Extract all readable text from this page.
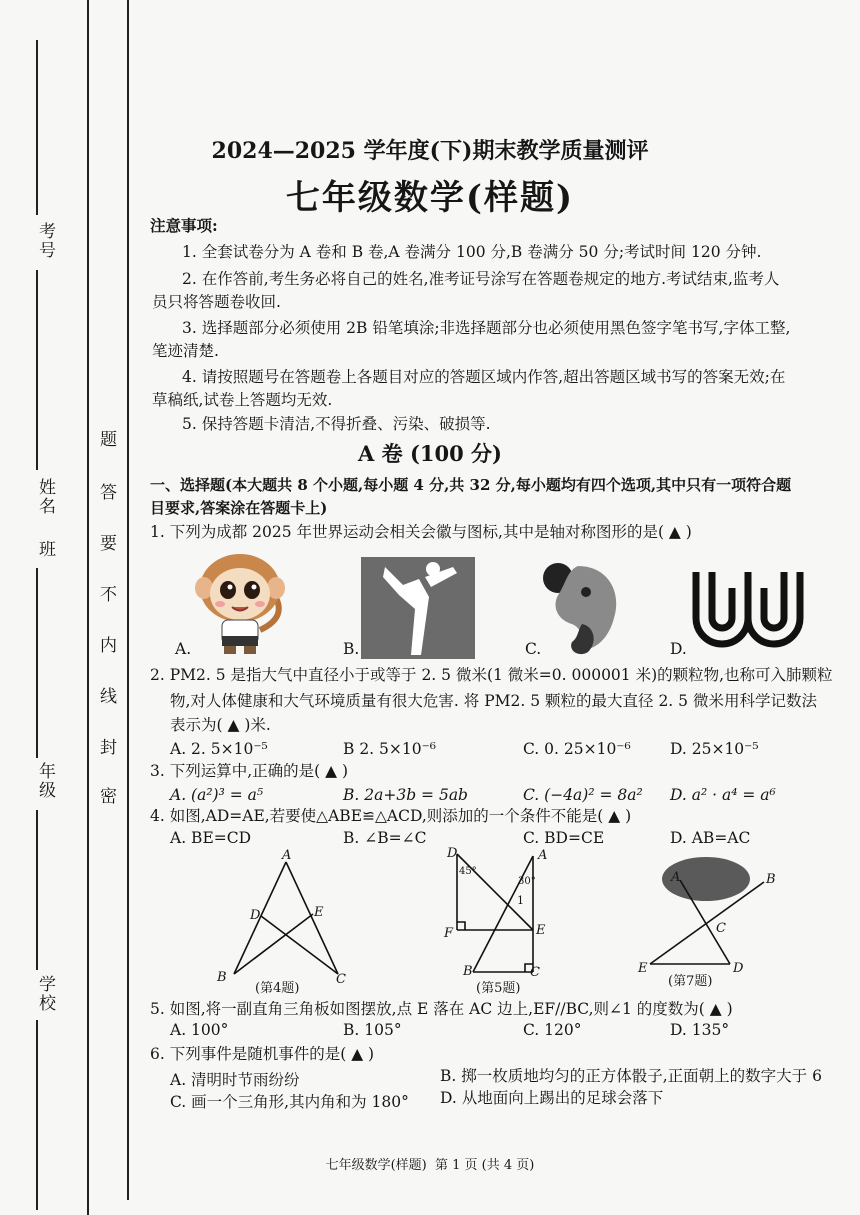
考号
姓名
班
年级
学校
密
封
线
内
不
要
答
题
2024—2025 学年度(下)期末教学质量测评
七年级数学(样题)
注意事项:
1. 全套试卷分为 A 卷和 B 卷,A 卷满分 100 分,B 卷满分 50 分;考试时间 120 分钟.
2. 在作答前,考生务必将自己的姓名,准考证号涂写在答题卷规定的地方.考试结束,监考人
员只将答题卷收回.
3. 选择题部分必须使用 2B 铅笔填涂;非选择题部分也必须使用黑色签字笔书写,字体工整,
笔迹清楚.
4. 请按照题号在答题卷上各题目对应的答题区域内作答,超出答题区域书写的答案无效;在
草稿纸,试卷上答题均无效.
5. 保持答题卡清洁,不得折叠、污染、破损等.
A 卷 (100 分)
一、选择题(本大题共 8 个小题,每小题 4 分,共 32 分,每小题均有四个选项,其中只有一项符合题
目要求,答案涂在答题卡上)
1. 下列为成都 2025 年世界运动会相关会徽与图标,其中是轴对称图形的是( ▲ )
A.	B.	C.	D.
2. PM2. 5 是指大气中直径小于或等于 2. 5 微米(1 微米=0. 000001 米)的颗粒物,也称可入肺颗粒
物,对人体健康和大气环境质量有很大危害. 将 PM2. 5 颗粒的最大直径 2. 5 微米用科学记数法
表示为( ▲ )米.
A. 2. 5×10⁻⁵	B 2. 5×10⁻⁶	C. 0. 25×10⁻⁶	D. 25×10⁻⁵
3. 下列运算中,正确的是( ▲ )
A. (a²)³ = a⁵	B. 2a+3b = 5ab	C. (−4a)² = 8a² D. a² · a⁴ = a⁶
4. 如图,AD=AE,若要使△ABE≌△ACD,则添加的一个条件不能是( ▲ )
A. BE=CD	B. ∠B=∠C	C. BD=CE	D. AB=AC
A
D	E
B	C
(第4题)
D	A
45°
30°
1
F	E
B	C
(第5题)
A	B
C
E	D
(第7题)
5. 如图,将一副直角三角板如图摆放,点 E 落在 AC 边上,EF//BC,则∠1 的度数为( ▲ )
A. 100°	B. 105°	C. 120°	D. 135°
6. 下列事件是随机事件的是( ▲ )
A. 清明时节雨纷纷	B. 掷一枚质地均匀的正方体骰子,正面朝上的数字大于 6
C. 画一个三角形,其内角和为 180° D. 从地面向上踢出的足球会落下
七年级数学(样题)  第 1 页 (共 4 页)
